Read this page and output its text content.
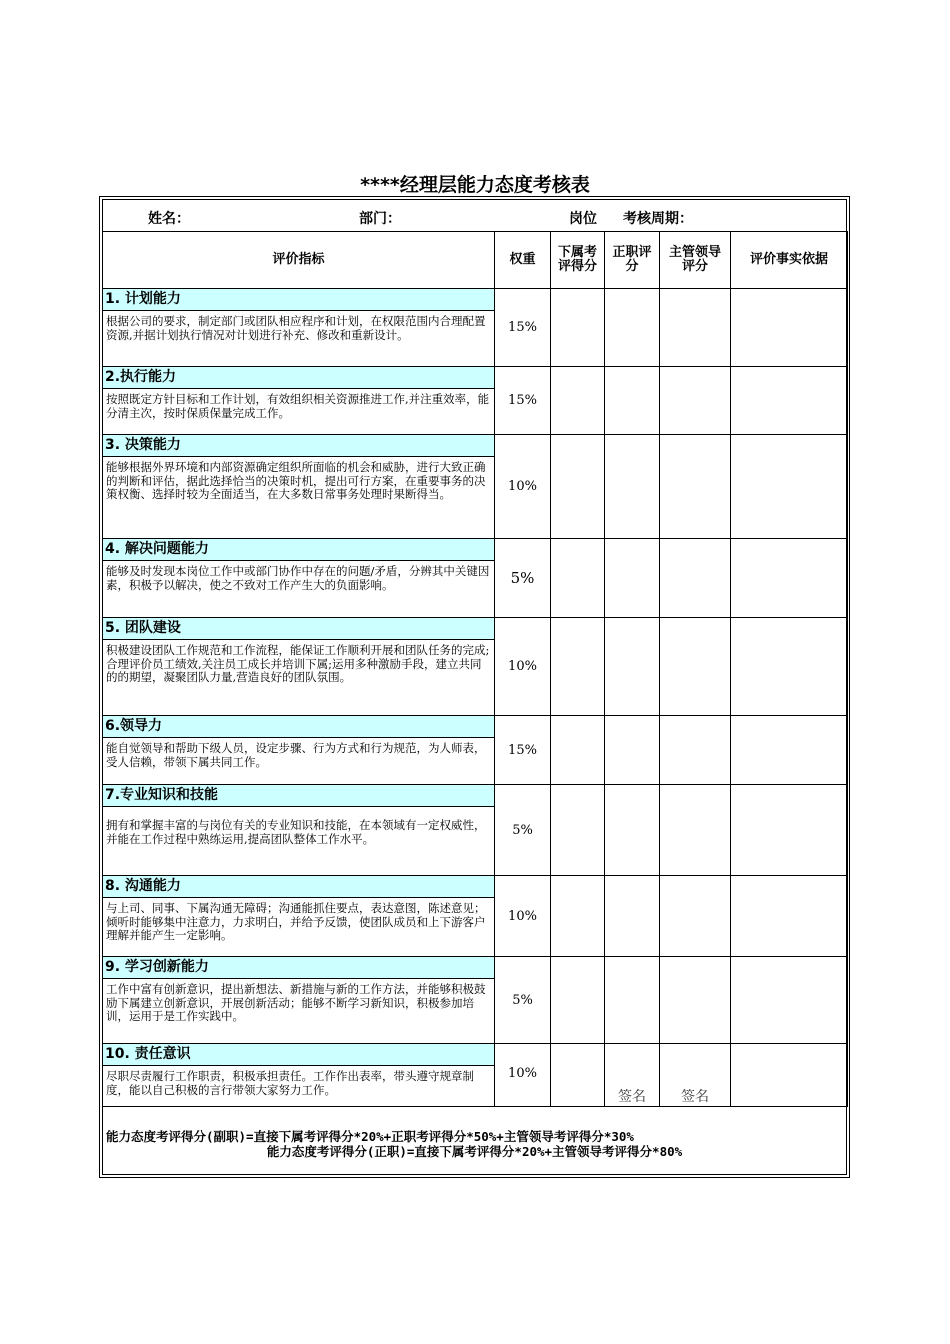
****经理层能力态度考核表
姓名：	部门：	岗位 考核周期：
评价指标	权重	下属考评得分	正职评分	主管领导评分	评价事实依据

1. 计划能力
根据公司的要求，制定部门或团队相应程序和计划，在权限范围内合理配置资源,并据计划执行情况对计划进行补充、修改和重新设计。	15%				

2.执行能力
按照既定方针目标和工作计划，有效组织相关资源推进工作,并注重效率，能分清主次，按时保质保量完成工作。	15%				

3. 决策能力
能够根据外界环境和内部资源确定组织所面临的机会和威胁，进行大致正确的判断和评估，据此选择恰当的决策时机，提出可行方案，在重要事务的决策权衡、选择时较为全面适当，在大多数日常事务处理时果断得当。	10%				

4. 解决问题能力
能够及时发现本岗位工作中或部门协作中存在的问题/矛盾，分辨其中关键因素，积极予以解决，使之不致对工作产生大的负面影响。	5%				

5. 团队建设
积极建设团队工作规范和工作流程，能保证工作顺利开展和团队任务的完成; 合理评价员工绩效,关注员工成长并培训下属;运用多种激励手段，建立共同的的期望，凝聚团队力量,营造良好的团队氛围。	10%				

6.领导力
能自觉领导和帮助下级人员，设定步骤、行为方式和行为规范，为人师表，受人信赖，带领下属共同工作。	15%				

7.专业知识和技能
拥有和掌握丰富的与岗位有关的专业知识和技能，在本领域有一定权威性，并能在工作过程中熟练运用,提高团队整体工作水平。	5%				

8. 沟通能力
与上司、同事、下属沟通无障碍；沟通能抓住要点，表达意图，陈述意见；倾听时能够集中注意力，力求明白，并给予反馈，使团队成员和上下游客户理解并能产生一定影响。	10%				

9. 学习创新能力
工作中富有创新意识，提出新想法、新措施与新的工作方法，并能够积极鼓励下属建立创新意识，开展创新活动；能够不断学习新知识，积极参加培训，运用于是工作实践中。	5%				

10. 责任意识
尽职尽责履行工作职责，积极承担责任。工作作出表率，带头遵守规章制度，能以自己积极的言行带领大家努力工作。	10%		签名	签名	

能力态度考评得分(副职)=直接下属考评得分*20%+正职考评得分*50%+主管领导考评得分*30%
能力态度考评得分(正职)=直接下属考评得分*20%+主管领导考评得分*80%
